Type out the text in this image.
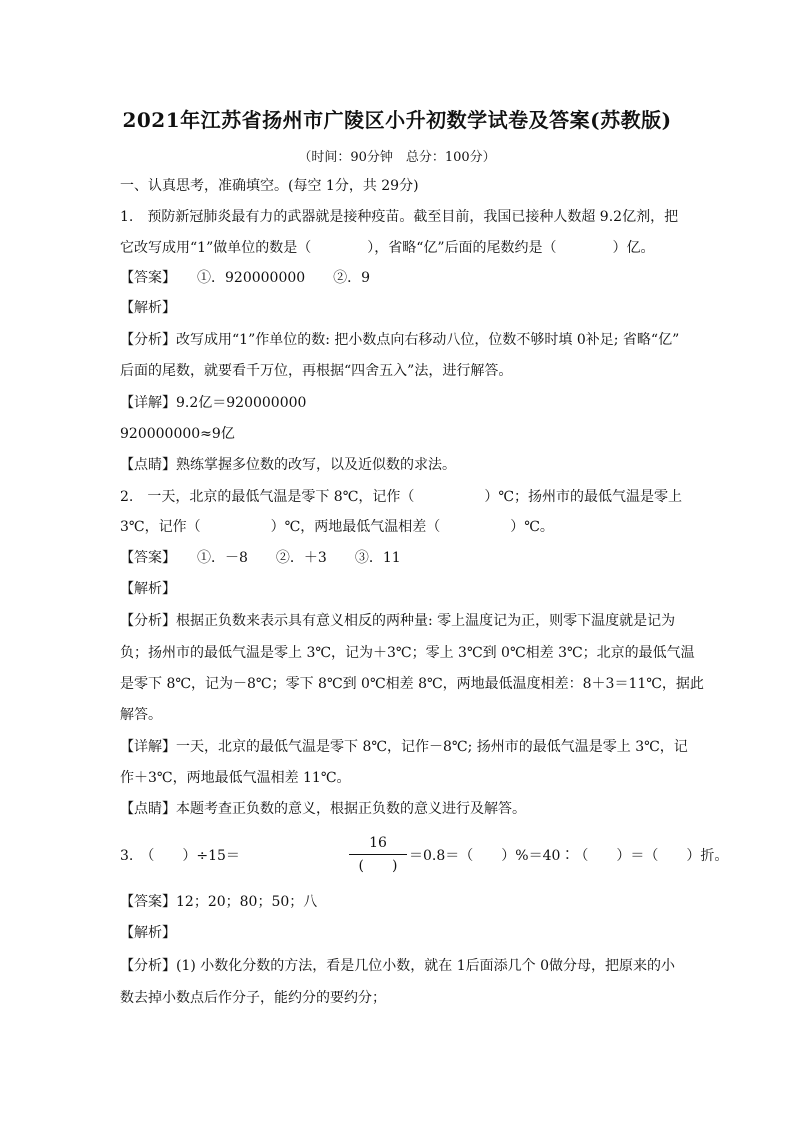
2021年江苏省扬州市广陵区小升初数学试卷及答案(苏教版)
（时间：90分钟　总分：100分）
一、认真思考，准确填空。(每空 1分，共 29分)
1.　预防新冠肺炎最有力的武器就是接种疫苗。截至目前，我国已接种人数超 9.2亿剂，把
它改写成用“1”做单位的数是（　　　　），省略“亿”后面的尾数约是（　　　　）亿。
【答案】　　①．920000000　　②．9
【解析】
【分析】改写成用“1”作单位的数: 把小数点向右移动八位，位数不够时填 0补足; 省略“亿”
后面的尾数，就要看千万位，再根据“四舍五入”法，进行解答。
【详解】9.2亿＝920000000
920000000≈9亿
【点睛】熟练掌握多位数的改写，以及近似数的求法。
2.　一天，北京的最低气温是零下 8℃，记作（　　　　　）℃；扬州市的最低气温是零上
3℃，记作（　　　　　）℃，两地最低气温相差（　　　　　）℃。
【答案】　　①．－8　　②．＋3　　③．11
【解析】
【分析】根据正负数来表示具有意义相反的两种量: 零上温度记为正，则零下温度就是记为
负；扬州市的最低气温是零上 3℃，记为＋3℃；零上 3℃到 0℃相差 3℃；北京的最低气温
是零下 8℃，记为－8℃；零下 8℃到 0℃相差 8℃，两地最低温度相差：8＋3＝11℃，据此
解答。
【详解】一天，北京的最低气温是零下 8℃，记作－8℃; 扬州市的最低气温是零上 3℃，记
作＋3℃，两地最低气温相差 11℃。
【点睛】本题考查正负数的意义，根据正负数的意义进行及解答。
3.　（　　）÷15＝
16
(　　)
＝0.8＝（　　）%＝40∶（　　）＝（　　）折。
【答案】12；20；80；50；八
【解析】
【分析】(1) 小数化分数的方法，看是几位小数，就在 1后面添几个 0做分母，把原来的小
数去掉小数点后作分子，能约分的要约分；
